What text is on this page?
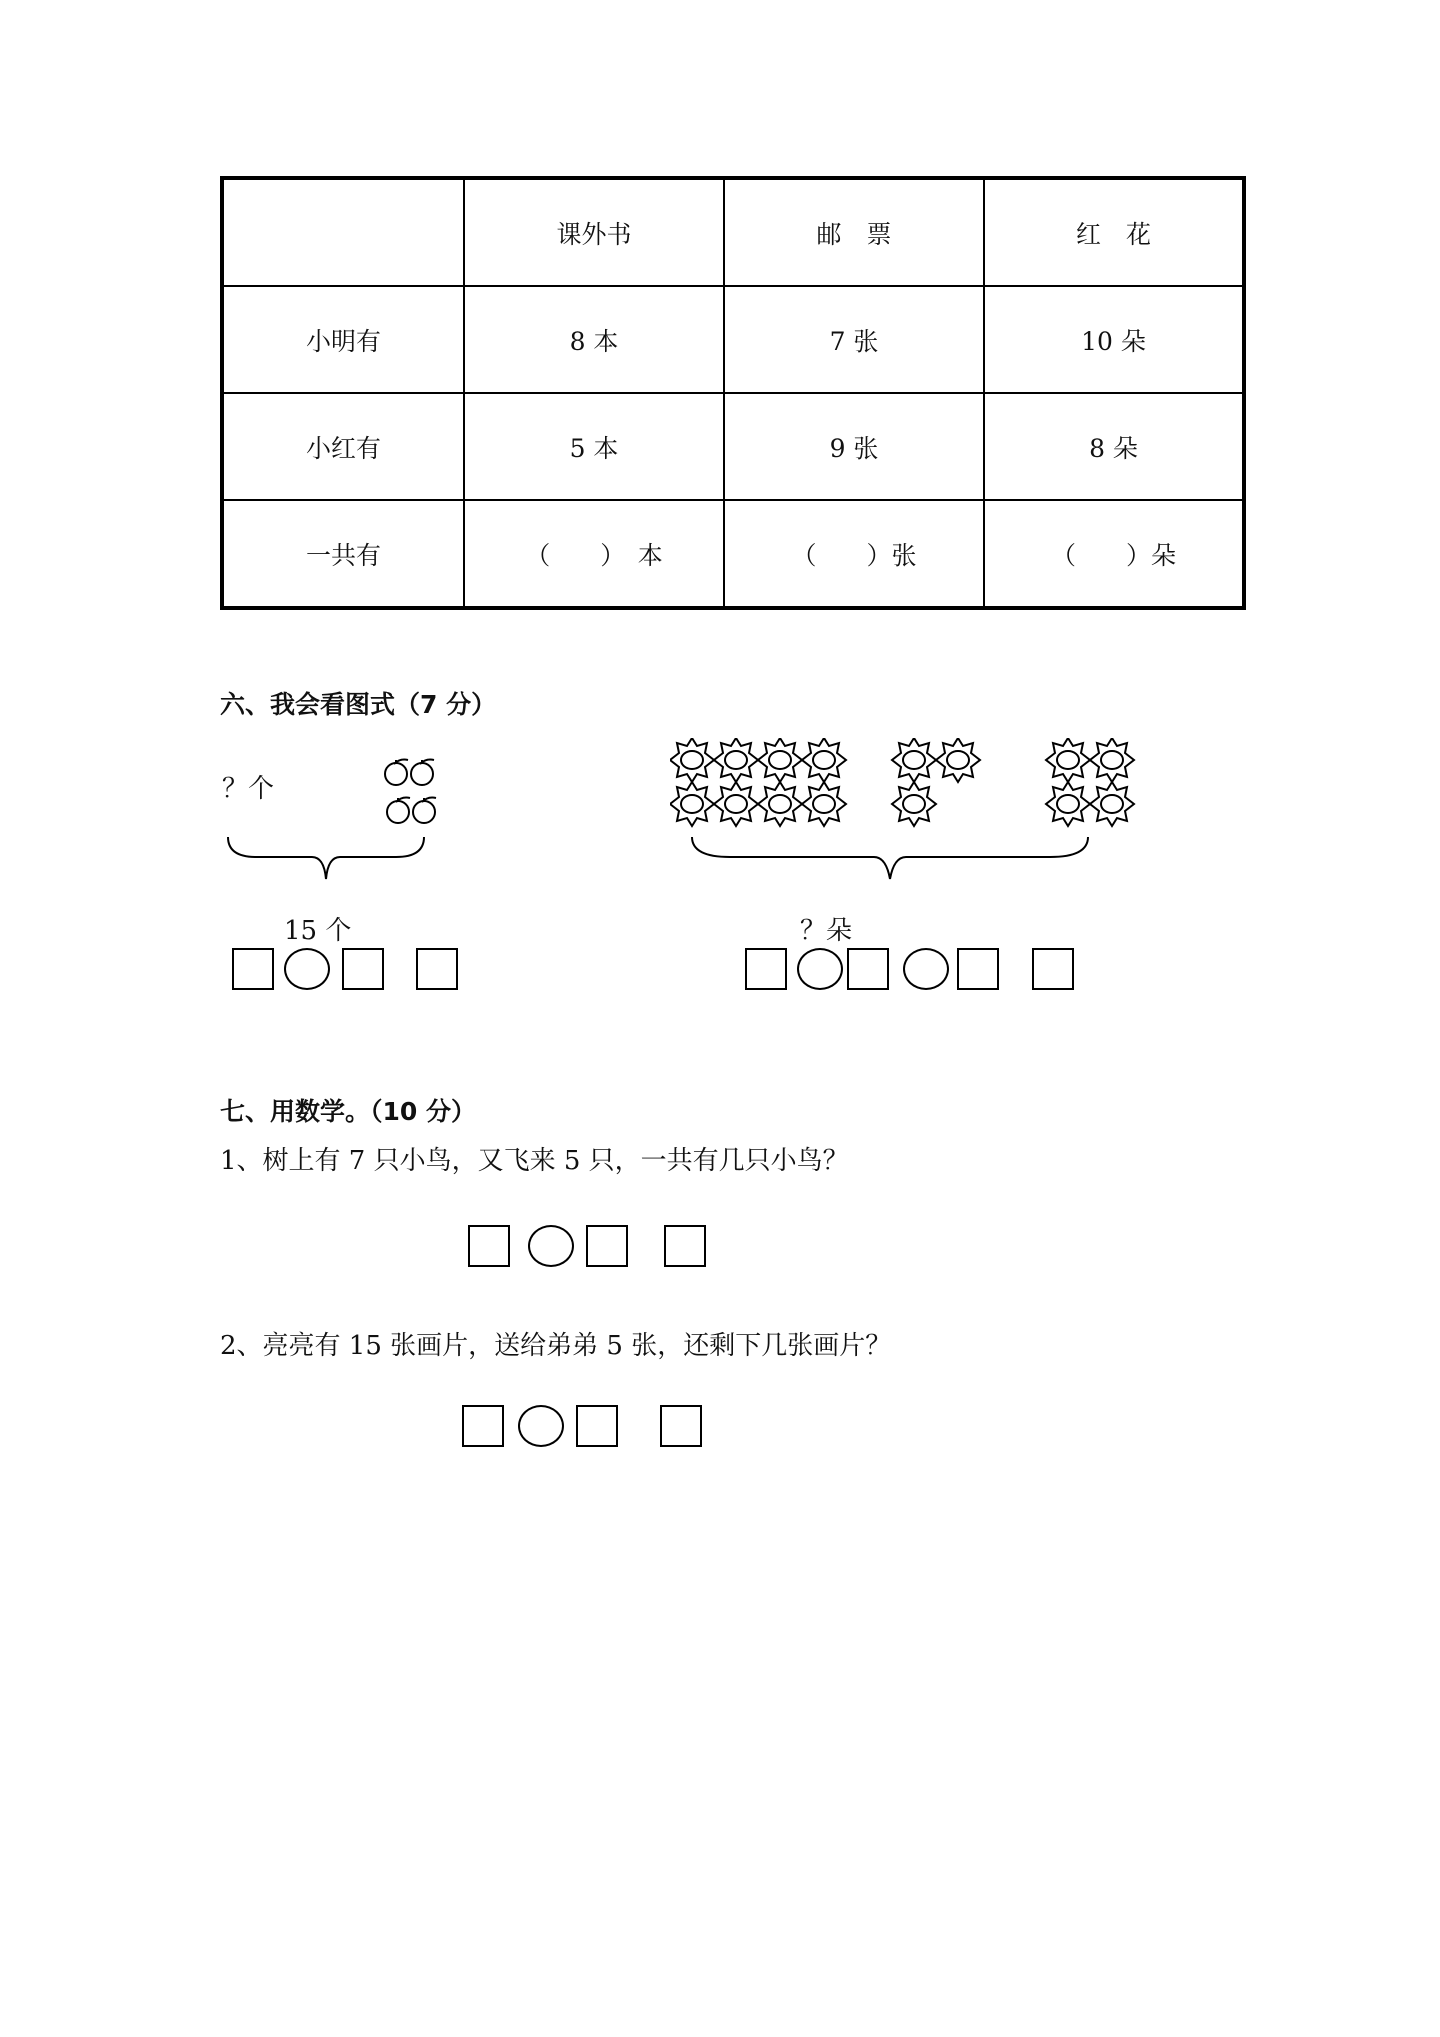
	课外书	邮　票	红　花
小明有	8 本	7 张	10 朵
小红有	5 本	9 张	8 朵
一共有	（　　）　本	（　　）张	（　　）朵
六、我会看图式（7 分）
？个
15 个	？朵
七、用数学。（10 分）
1、树上有 7 只小鸟，又飞来 5 只，一共有几只小鸟？
2、亮亮有 15 张画片，送给弟弟 5 张，还剩下几张画片？
